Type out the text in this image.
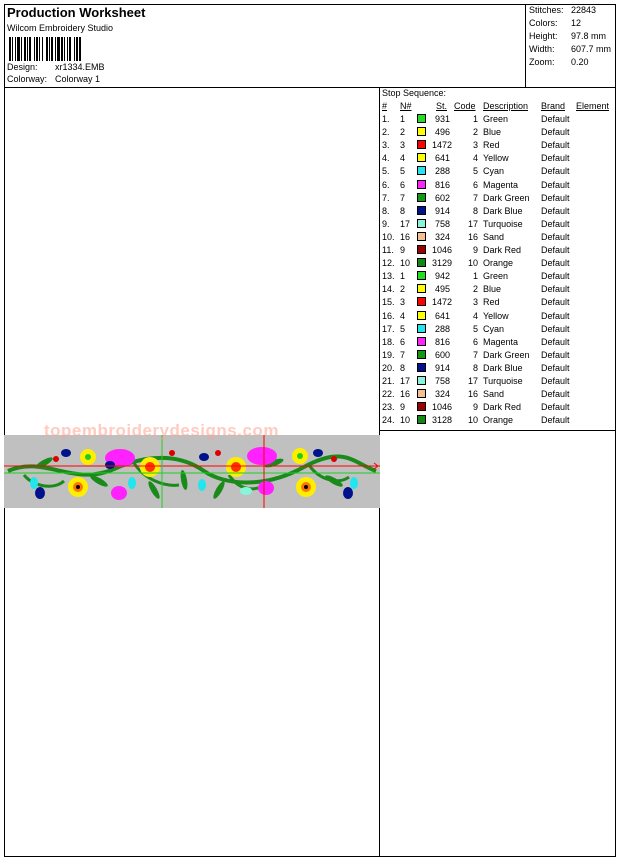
Production Worksheet
Wilcom Embroidery Studio
Design: xr1334.EMB
Colorway: Colorway 1
Stitches: 22843
Colors: 12
Height: 97.8 mm
Width: 607.7 mm
Zoom: 0.20
topembroiderydesigns.com
Stop Sequence:
# N#	St. Code Description Brand Element
1. 1	931	1 Green	Default
2. 2	496	2 Blue	Default
3. 3	1472	3 Red	Default
4. 4	641	4 Yellow	Default
5. 5	288	5 Cyan	Default
6. 6	816	6 Magenta	Default
7. 7	602	7 Dark Green Default
8. 8	914	8 Dark Blue Default
9. 17	758	17 Turquoise Default
10. 16	324	16 Sand	Default
11. 9	1046	9 Dark Red Default
12. 10 3129	10 Orange	Default
13. 1	942	1 Green	Default
14. 2	495	2 Blue	Default
15. 3	1472	3 Red	Default
16. 4	641	4 Yellow	Default
17. 5	288	5 Cyan	Default
18. 6	816	6 Magenta	Default
19. 7	600	7 Dark Green Default
20. 8	914	8 Dark Blue Default
21. 17	758	17 Turquoise Default
22. 16	324	16 Sand	Default
23. 9	1046	9 Dark Red Default
24. 10 3128	10 Orange	Default
